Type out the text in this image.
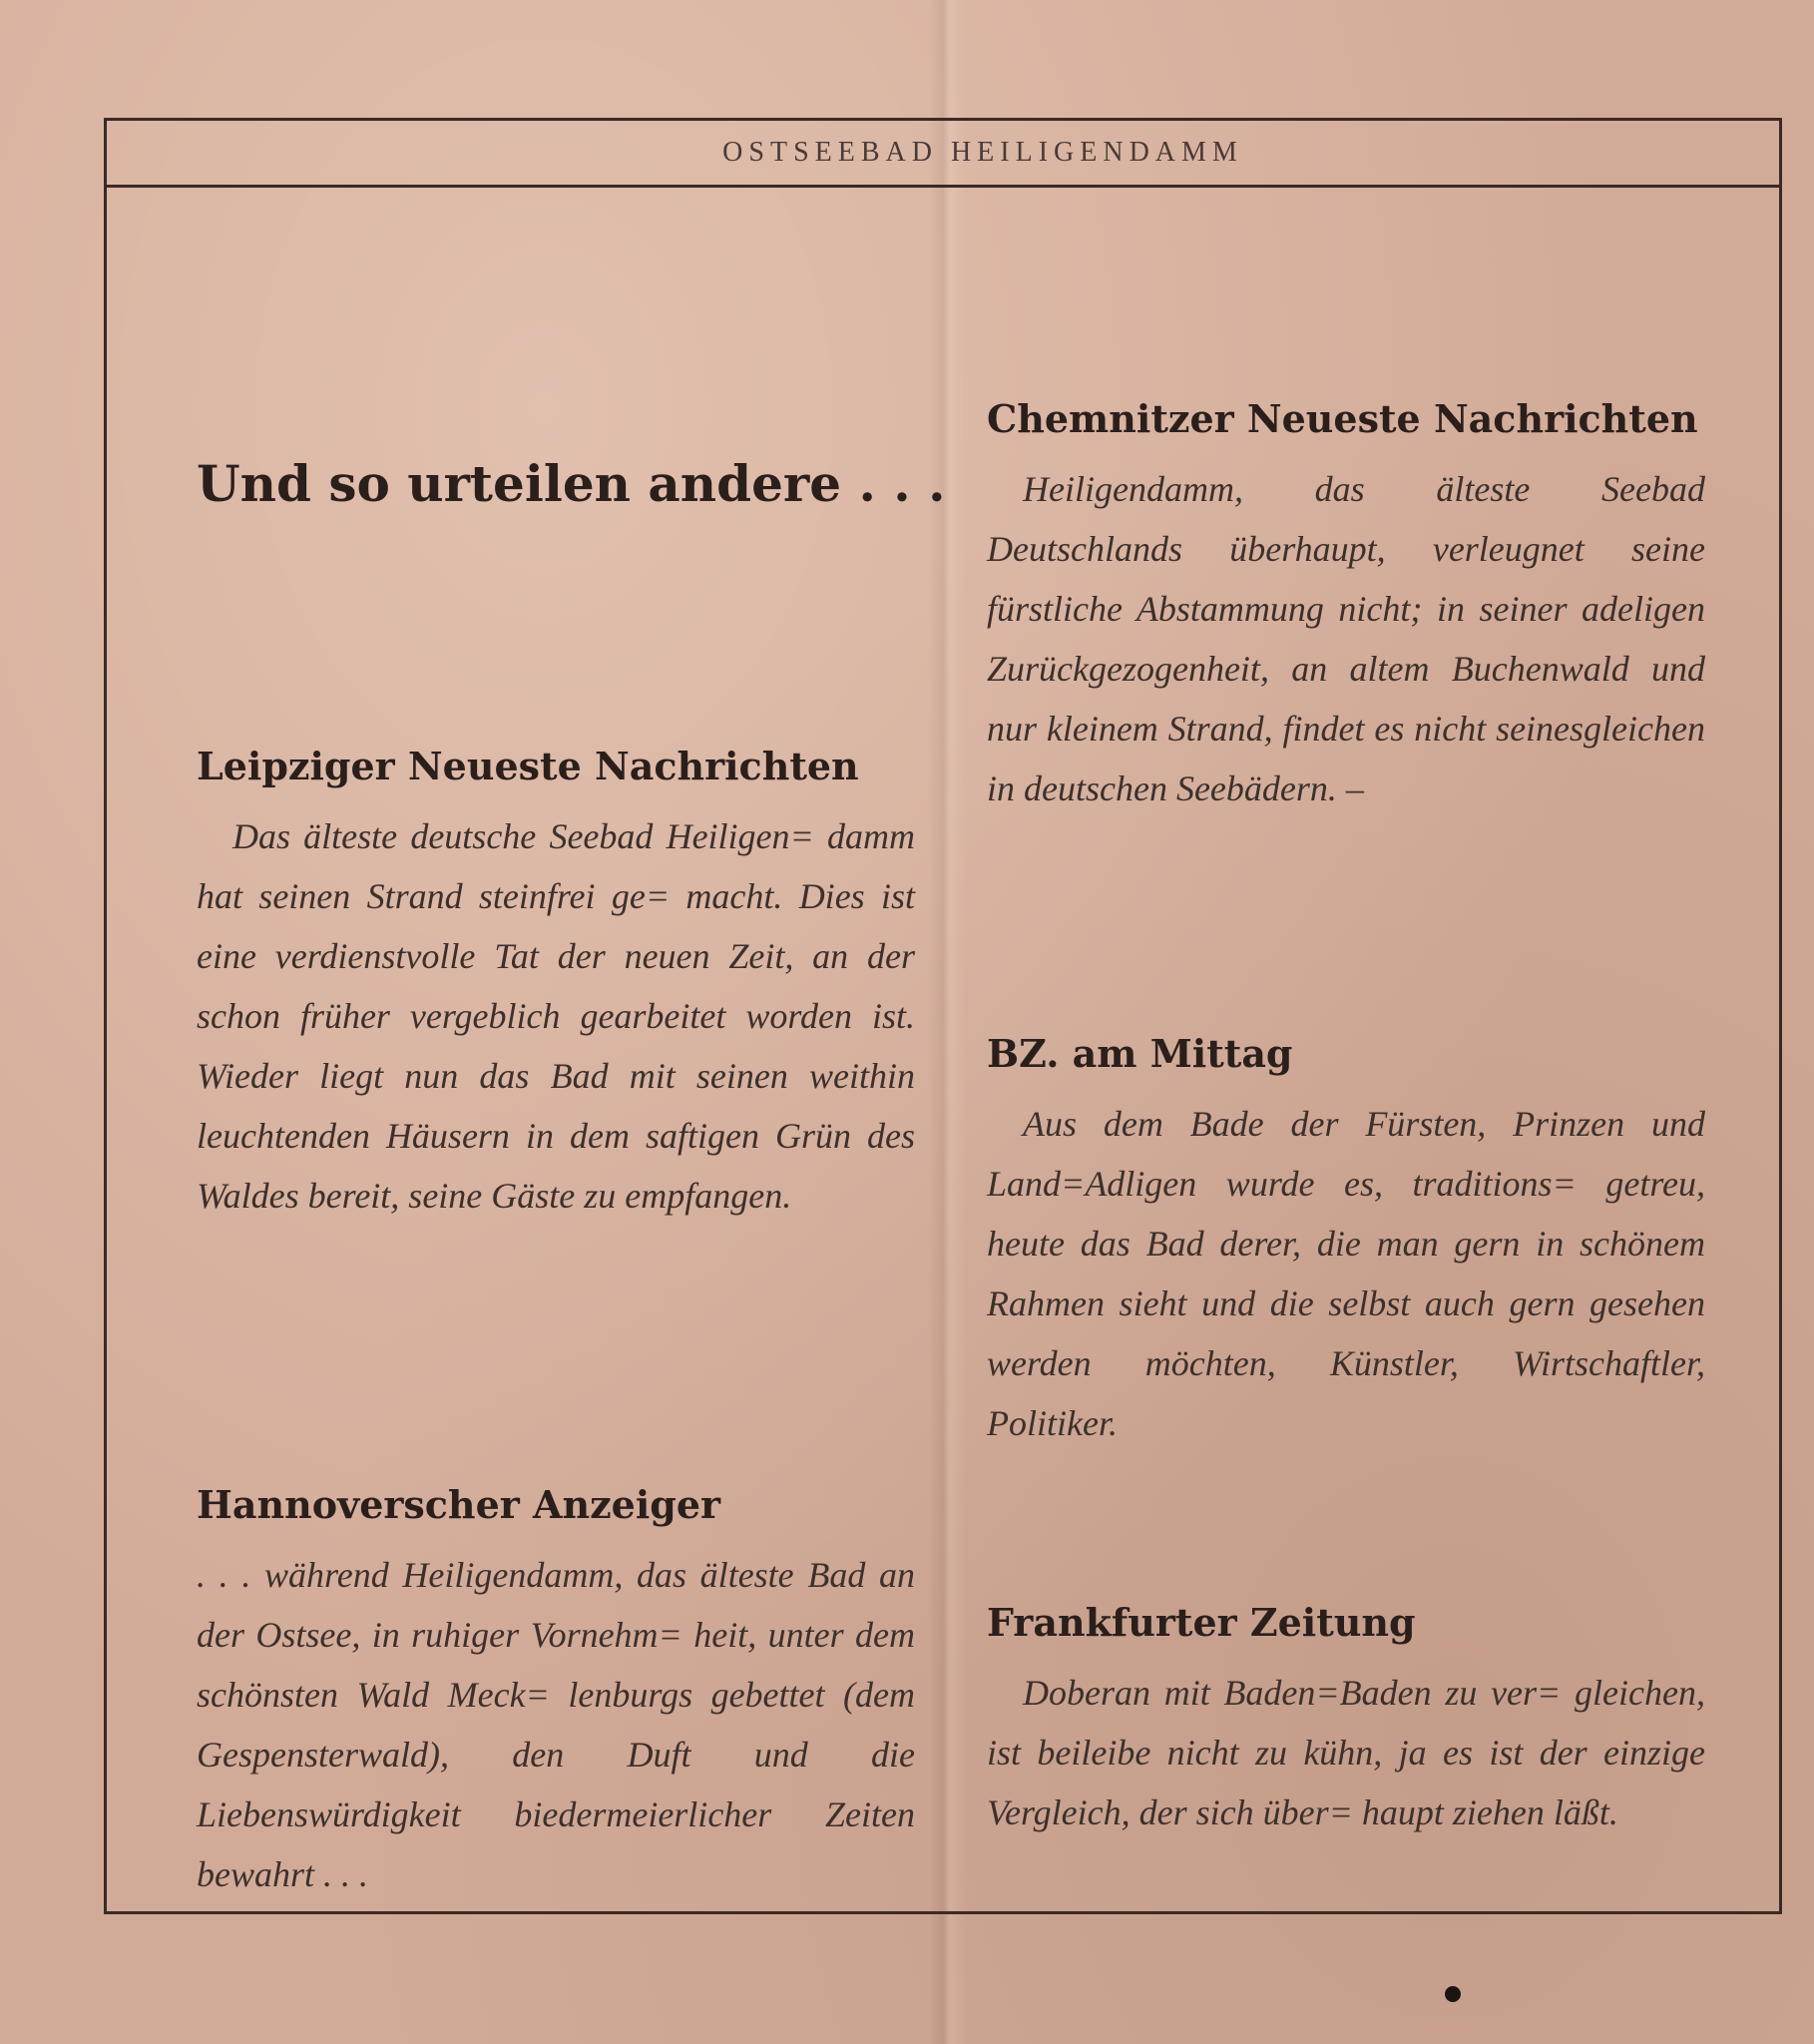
OSTSEEBAD HEILIGENDAMM
Und so urteilen andere . . .
Leipziger Neueste Nachrichten

Das älteste deutsche Seebad Heiligen= damm hat seinen Strand steinfrei ge= macht. Dies ist eine verdienstvolle Tat der neuen Zeit, an der schon früher vergeblich gearbeitet worden ist. Wieder liegt nun das Bad mit seinen weithin leuchtenden Häusern in dem saftigen Grün des Waldes bereit, seine Gäste zu empfangen.

Hannoverscher Anzeiger

. . . während Heiligendamm, das älteste Bad an der Ostsee, in ruhiger Vornehm= heit, unter dem schönsten Wald Meck= lenburgs gebettet (dem Gespensterwald), den Duft und die Liebenswürdigkeit biedermeierlicher Zeiten bewahrt . . .

Chemnitzer Neueste Nachrichten

Heiligendamm, das älteste Seebad Deutschlands überhaupt, verleugnet seine fürstliche Abstammung nicht; in seiner adeligen Zurückgezogenheit, an altem Buchenwald und nur kleinem Strand, findet es nicht seinesgleichen in deutschen Seebädern. –

BZ. am Mittag

Aus dem Bade der Fürsten, Prinzen und Land=Adligen wurde es, traditions= getreu, heute das Bad derer, die man gern in schönem Rahmen sieht und die selbst auch gern gesehen werden möchten, Künstler, Wirtschaftler, Politiker.

Frankfurter Zeitung

Doberan mit Baden=Baden zu ver= gleichen, ist beileibe nicht zu kühn, ja es ist der einzige Vergleich, der sich über= haupt ziehen läßt.
